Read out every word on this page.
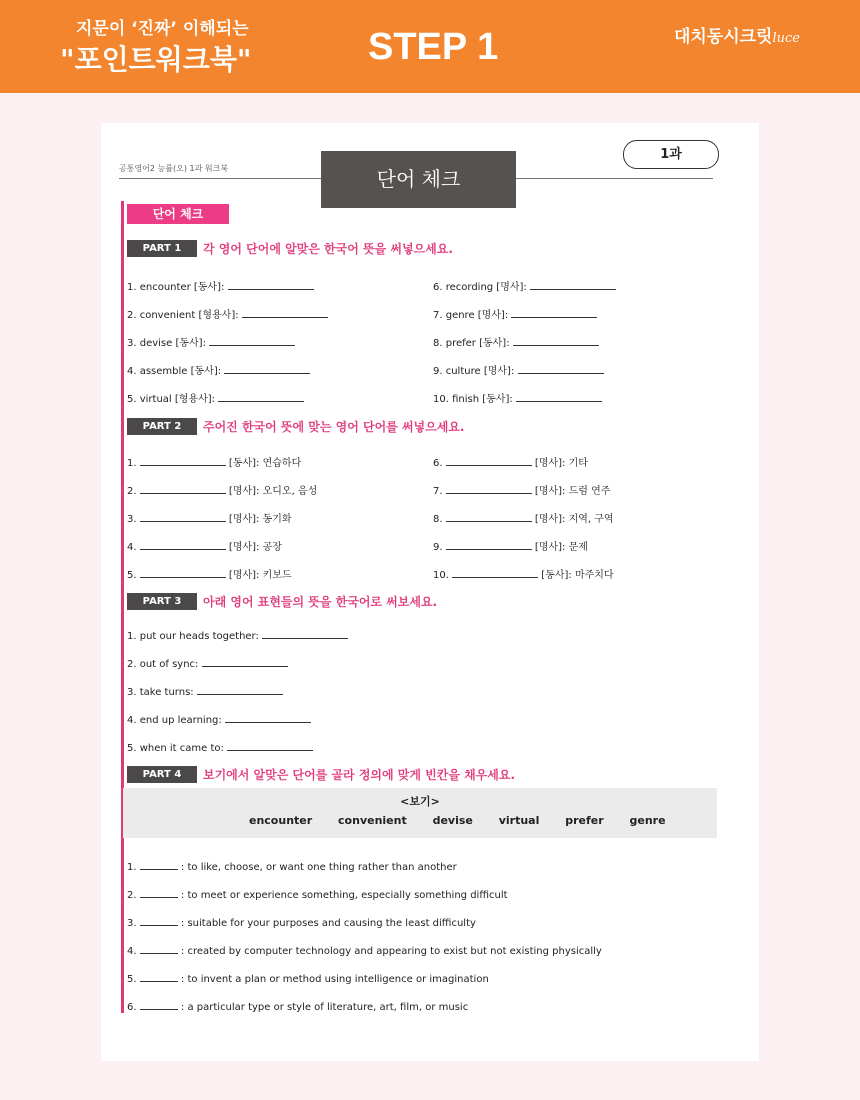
지문이 ‘진짜’ 이해되는
"포인트워크북"	STEP 1	대치동시크릿luce
공통영어2 능률(오) 1과 워크북
1과
단어 체크
단어 체크
PART 1 각 영어 단어에 알맞은 한국어 뜻을 써넣으세요.
PART 2 주어진 한국어 뜻에 맞는 영어 단어를 써넣으세요.
PART 3 아래 영어 표현들의 뜻을 한국어로 써보세요.
PART 4 보기에서 알맞은 단어를 골라 정의에 맞게 빈칸을 채우세요.
1. encounter [동사]:	6. recording [명사]:
2. convenient [형용사]:	7. genre [명사]:
3. devise [동사]:	8. prefer [동사]:
4. assemble [동사]:	9. culture [명사]:
5. virtual [형용사]:	10. finish [동사]:
1.	[동사]: 연습하다	6.	[명사]: 기타
2.	[명사]: 오디오, 음성	7.	[명사]: 드럼 연주
3.	[명사]: 동기화	8.	[명사]: 지역, 구역
4.	[명사]: 공장	9.	[명사]: 문제
5.	[명사]: 키보드	10.	[동사]: 마주치다
1. put our heads together:
2. out of sync:
3. take turns:
4. end up learning:
5. when it came to:
<보기>
encounter convenient devise virtual prefer genre
1.	: to like, choose, or want one thing rather than another
2.	: to meet or experience something, especially something difficult
3.	: suitable for your purposes and causing the least difficulty
4.	: created by computer technology and appearing to exist but not existing physically
5.	: to invent a plan or method using intelligence or imagination
6.	: a particular type or style of literature, art, film, or music
